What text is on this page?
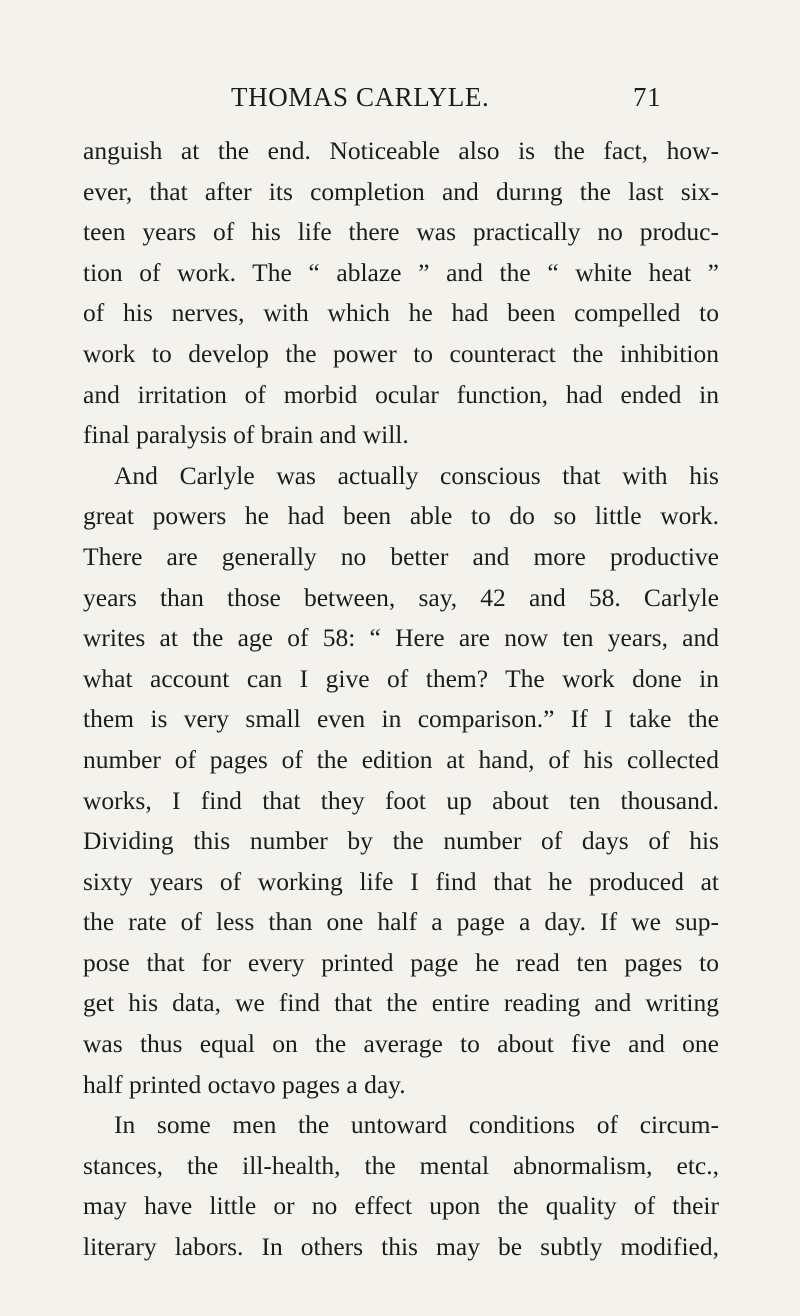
THOMAS CARLYLE.	71
anguish at the end. Noticeable also is the fact, how-
ever, that after its completion and durıng the last six-
teen years of his life there was practically no produc-
tion of work. The “ ablaze ” and the “ white heat ”
of his nerves, with which he had been compelled to
work to develop the power to counteract the inhibition
and irritation of morbid ocular function, had ended in
final paralysis of brain and will.
And Carlyle was actually conscious that with his
great powers he had been able to do so little work.
There are generally no better and more productive
years than those between, say, 42 and 58. Carlyle
writes at the age of 58: “ Here are now ten years, and
what account can I give of them? The work done in
them is very small even in comparison.” If I take the
number of pages of the edition at hand, of his collected
works, I find that they foot up about ten thousand.
Dividing this number by the number of days of his
sixty years of working life I find that he produced at
the rate of less than one half a page a day. If we sup-
pose that for every printed page he read ten pages to
get his data, we find that the entire reading and writing
was thus equal on the average to about five and one
half printed octavo pages a day.
In some men the untoward conditions of circum-
stances, the ill-health, the mental abnormalism, etc.,
may have little or no effect upon the quality of their
literary labors. In others this may be subtly modified,
